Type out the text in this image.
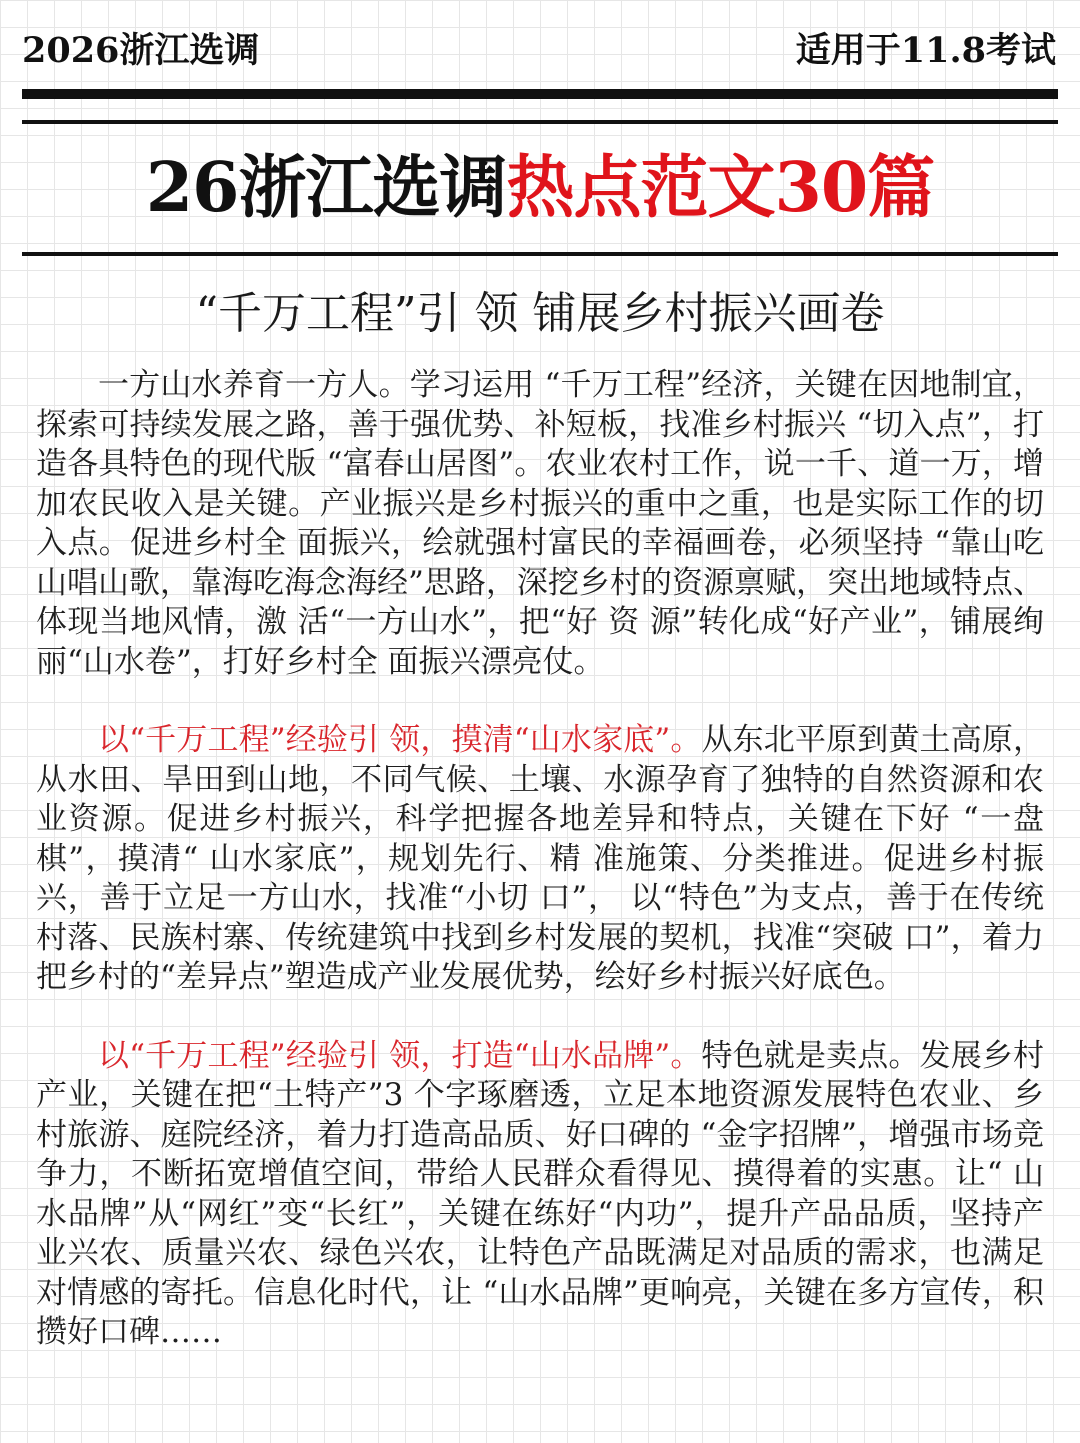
2026浙江选调	适用于11.8考试
26浙江选调热点范文30篇
“千万工程”引 领 铺展乡村振兴画卷

一方山水养育一方人。学习运用 “千万工程”经济，关键在因地制宜，探索可持续发展之路，善于强优势、补短板，找准乡村振兴 “切入点”，打造各具特色的现代版 “富春山居图”。农业农村工作，说一千、道一万，增加农民收入是关键。产业振兴是乡村振兴的重中之重，也是实际工作的切入点。促进乡村全 面振兴，绘就强村富民的幸福画卷，必须坚持 “靠山吃山唱山歌，靠海吃海念海经”思路，深挖乡村的资源禀赋，突出地域特点、体现当地风情，激 活“一方山水”，把“好 资 源”转化成“好产业”，铺展绚丽“山水卷”，打好乡村全 面振兴漂亮仗。

以“千万工程”经验引 领，摸清“山水家底”。从东北平原到黄土高原，从水田、旱田到山地，不同气候、土壤、水源孕育了独特的自然资源和农业资源。促进乡村振兴，科学把握各地差异和特点，关键在下好 “一盘棋”，摸清“ 山水家底”，规划先行、精 准施策、分类推进。促进乡村振兴，善于立足一方山水，找准“小切 口”， 以“特色”为支点，善于在传统村落、民族村寨、传统建筑中找到乡村发展的契机，找准“突破 口”，着力把乡村的“差异点”塑造成产业发展优势，绘好乡村振兴好底色。

以“千万工程”经验引 领，打造“山水品牌”。特色就是卖点。发展乡村产业，关键在把“土特产”3 个字琢磨透，立足本地资源发展特色农业、乡村旅游、庭院经济，着力打造高品质、好口碑的 “金字招牌”，增强市场竞争力，不断拓宽增值空间，带给人民群众看得见、摸得着的实惠。让“ 山水品牌”从“网红”变“长红”，关键在练好“内功”，提升产品品质，坚持产业兴农、质量兴农、绿色兴农，让特色产品既满足对品质的需求，也满足对情感的寄托。信息化时代，让 “山水品牌”更响亮，关键在多方宣传，积攒好口碑……
